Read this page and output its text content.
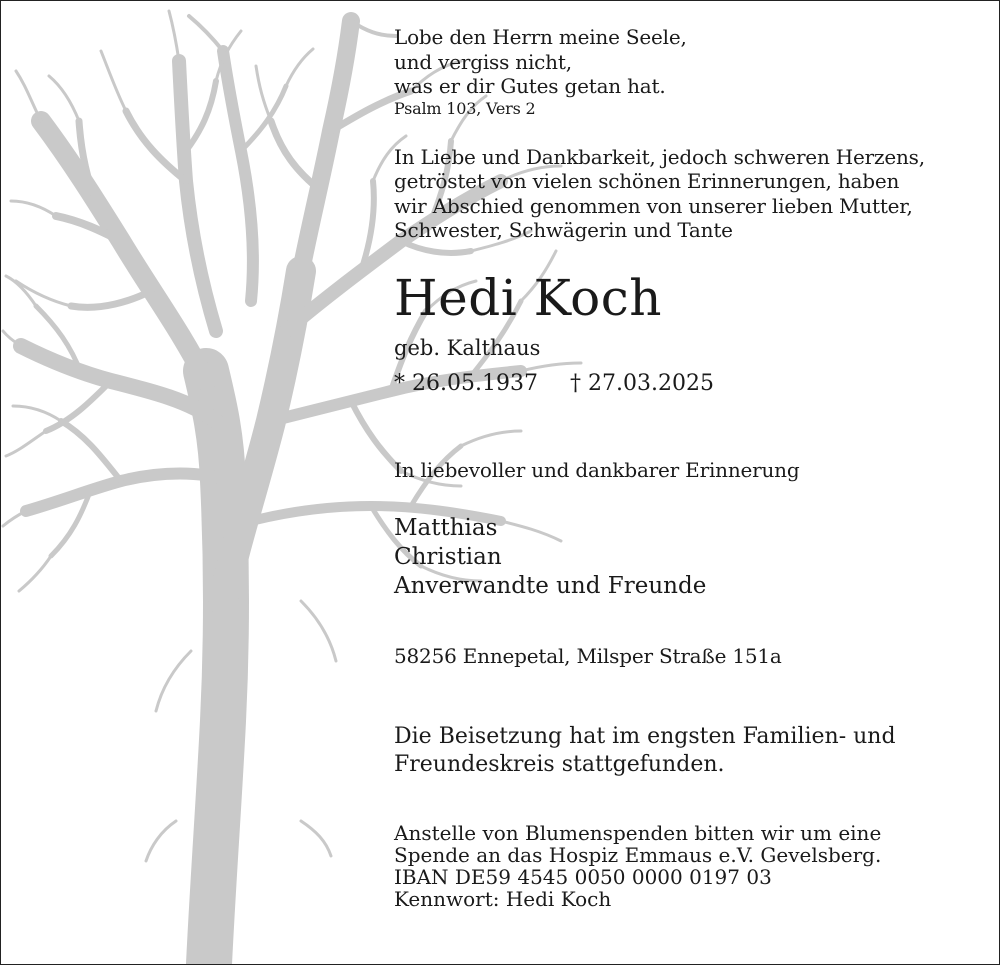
Lobe den Herrn meine Seele,
und vergiss nicht,
was er dir Gutes getan hat.
Psalm 103, Vers 2
In Liebe und Dankbarkeit, jedoch schweren Herzens,
getröstet von vielen schönen Erinnerungen, haben
wir Abschied genommen von unserer lieben Mutter,
Schwester, Schwägerin und Tante
Hedi Koch
geb. Kalthaus
* 26.05.1937 † 27.03.2025
In liebevoller und dankbarer Erinnerung
Matthias
Christian
Anverwandte und Freunde
58256 Ennepetal, Milsper Straße 151a
Die Beisetzung hat im engsten Familien- und
Freundeskreis stattgefunden.
Anstelle von Blumenspenden bitten wir um eine
Spende an das Hospiz Emmaus e.V. Gevelsberg.
IBAN DE59 4545 0050 0000 0197 03
Kennwort: Hedi Koch
